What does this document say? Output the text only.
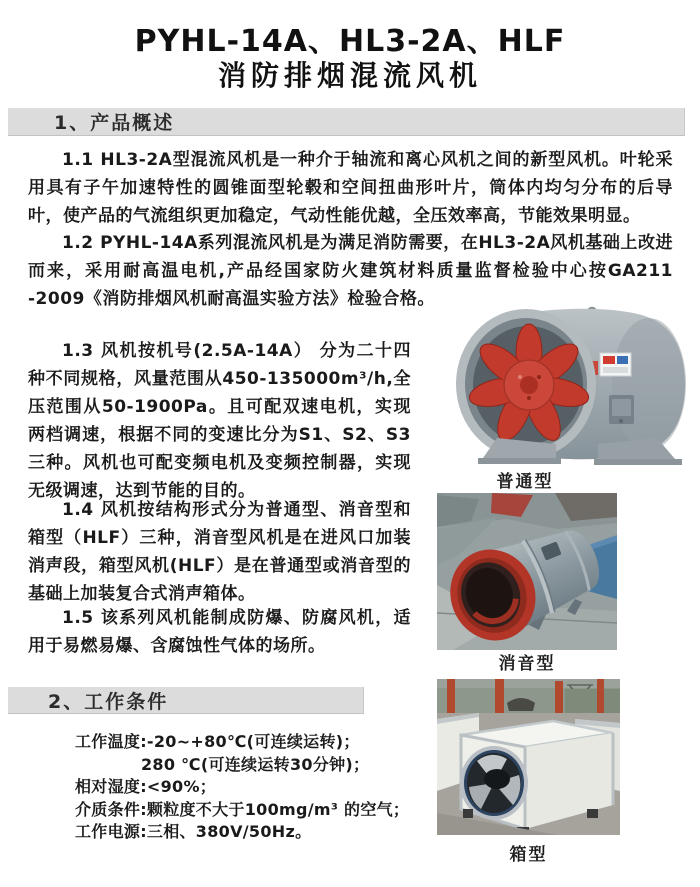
PYHL-14A、HL3-2A、HLF
消防排烟混流风机
1、产品概述

1.1 HL3-2A型混流风机是一种介于轴流和离心风机之间的新型风机。叶轮采用具有子午加速特性的圆锥面型轮毂和空间扭曲形叶片，筒体内均匀分布的后导叶，使产品的气流组织更加稳定，气动性能优越，全压效率高，节能效果明显。

1.2 PYHL-14A系列混流风机是为满足消防需要，在HL3-2A风机基础上改进而来，采用耐高温电机,产品经国家防火建筑材料质量监督检验中心按GA211 -2009《消防排烟风机耐高温实验方法》检验合格。

1.3 风机按机号(2.5A-14A） 分为二十四种不同规格，风量范围从450-135000m³/h,全压范围从50-1900Pa。且可配双速电机，实现两档调速，根据不同的变速比分为S1、S2、S3三种。风机也可配变频电机及变频控制器，实现无级调速，达到节能的目的。

1.4 风机按结构形式分为普通型、消音型和箱型（HLF）三种，消音型风机是在进风口加装消声段，箱型风机(HLF）是在普通型或消音型的基础上加装复合式消声箱体。

1.5 该系列风机能制成防爆、防腐风机，适用于易燃易爆、含腐蚀性气体的场所。

普通型
消音型
箱型
2、工作条件
工作温度:-20~+80℃(可连续运转)；
280 ℃(可连续运转30分钟)；
相对湿度:<90%；
介质条件:颗粒度不大于100mg/m³ 的空气；
工作电源:三相、380V/50Hz。
